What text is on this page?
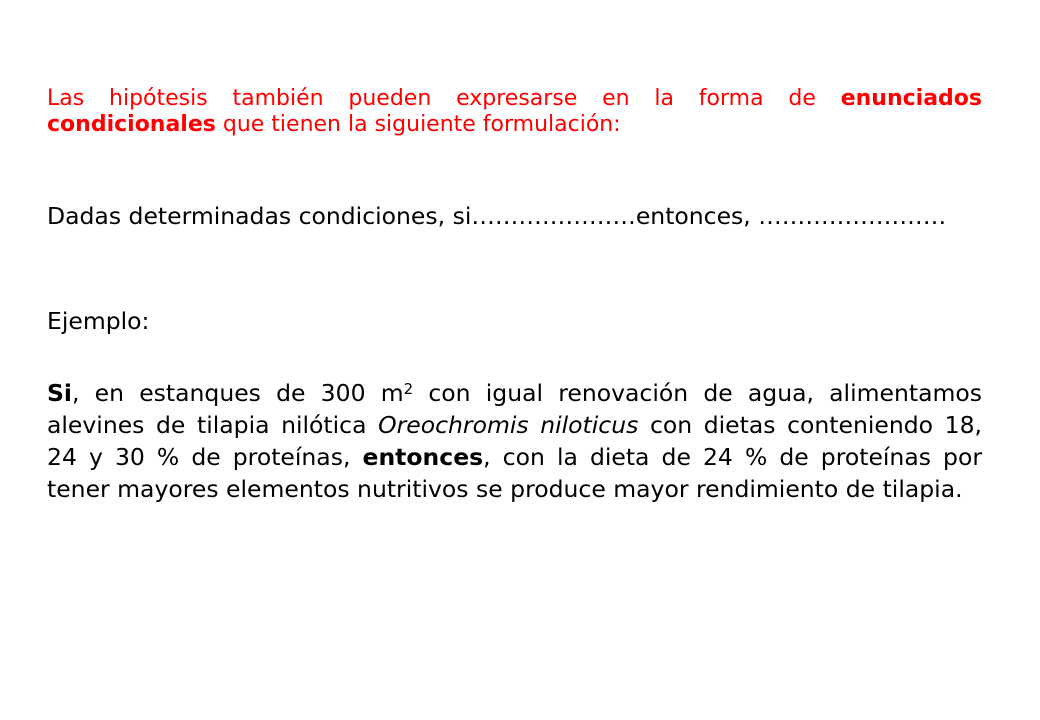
Las hipótesis también pueden expresarse en la forma de enunciados condicionales que tienen la siguiente formulación:

Dadas determinadas condiciones, si…………………entonces, ……………………

Ejemplo:

Si, en estanques de 300 $m^2$ con igual renovación de agua, alimentamos alevines de tilapia nilótica Oreochromis niloticus con dietas conteniendo 18, 24 y 30 % de proteínas, entonces, con la dieta de 24 % de proteínas por tener mayores elementos nutritivos se produce mayor rendimiento de tilapia.
